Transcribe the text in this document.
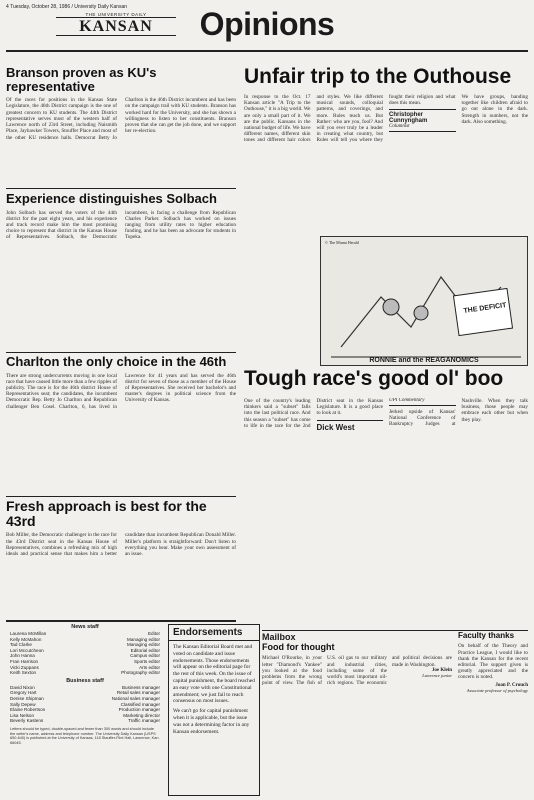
4 Tuesday, October 28, 1986 / University Daily Kansan
THE UNIVERSITY DAILY
KANSAN	Opinions
Branson proven as KU's representative

Of the races for positions in the Kansas State Legislature, the 46th District campaign is the one of greatest concern to KU students. The 44th District representative serves most of the western half of Lawrence north of 23rd Street, including Naismith Place, Jayhawker Towers, Stouffer Place and most of the other KU residence halls. Democrat Betty Jo Charlton is the 46th District incumbent and has been on the campaign trail with KU students. Branson has worked hard for the University, and she has shown a willingness to listen to her constituents. Branson proven that she can get the job done, and we support her re-election.

Experience distinguishes Solbach

John Solbach has served the voters of the 44th district for the past eight years, and his experience and track record make him the most promising choice to represent that district in the Kansas House of Representatives. Solbach, the Democratic incumbent, is facing a challenge from Republican Charles Parker. Solbach has worked on issues ranging from utility rates to higher education funding, and he has been an advocate for students in Topeka.

Charlton the only choice in the 46th

There are strong undercurrents moving in one local race that have caused little more than a few ripples of publicity. The race is for the 46th district House of Representatives seat; the candidates, the incumbent Democratic Rep. Betty Jo Charlton and Republican challenger Ben Cosel. Charlton, 6, has lived in Lawrence for 41 years and has served the 46th district for seven of those as a member of the House of Representatives. She received her bachelor's and master's degrees in political science from the University of Kansas.

Fresh approach is best for the 43rd

Bob Miller, the Democratic challenger in the race for the 43rd District seat in the Kansas House of Representatives, combines a refreshing mix of high ideals and practical sense that makes him a better candidate than incumbent Republican Donald Miller. Miller's platform is straightforward: Don't listen to everything you hear. Make your own assessment of an issue.

News staff
Laurena McMillan	Editor
Kelly McMahon	Managing editor
Tad Clarke	Managing editor
Lori Mccutcheon	Editorial editor
John Hanna	Campus editor
Fran Harrison	Sports editor
Vicki Zuppans	Arts editor
Keith Sexton	Photography editor
Business staff
David Nixon	Business manager
Gregory Hart	Retail sales manager
Denise Shipman	National sales manager
Sally Depew	Classified manager
Elaine Robertson	Production manager
Lisa Nelson	Marketing director
Beverly Kastens	Traffic manager

Letters should be typed, double-spaced and fewer than 300 words and should include the writer's name, address and telephone number. The University Daily Kansan (USPS 650-640) is published at the University of Kansas, 118 Stauffer-Flint Hall, Lawrence, Kan. 66045.

Endorsements

The Kansan Editorial Board met and voted on candidate and issue endorsements. Those endorsements will appear on the editorial page for the rest of this week. On the issue of capital punishment, the board reached an easy vote with one Constitutional amendment; we just fail to reach consensus on most issues.

We can't go for capital punishment when it is applicable, but the issue was not a determining factor in any Kansan endorsement.

Unfair trip to the Outhouse

In response to the Oct. 17 Kansan article "A Trip to the Outhouse," it is a big world. We are only a small part of it. We are the public. Kansans in the national budget of life. We have different names, different skin tones and different hair colors and styles. We like different musical sounds, colloquial patterns, and coverings, and more. Rules teach us. But Rather: who are you, fool? And will you ever truly be a leader in creating what country, but Rules will tell you where they fought their religion and what does this mean.

Christopher Cunnyngham
Columnist

We have groups, banding together like children afraid to go out alone in the dark. Strength in numbers, not the dark. Also something.

THE DEFICIT
© The Miami Herald
RONNIE and the REAGANOMICS
Tough race's good ol' boo

One of the country's leading thinkers said a "subset" falls into the last political race. And this season a "subset" has come to life in the race for the 2nd District seat in the Kansas Legislature. It is a good place to look at it.

Dick West
UPI Commentary

Jerked upside of Kansas' National Conference of Bankruptcy Judges at Nashville. When they talk business, those people may embrace each other but when they play.

Mailbox
Food for thought

Michael O'Rourke, in your letter "Diamond's Yankee" you looked at the food problems from the wrong point of view. The fish of U.S. oil gas to our military and industrial cities, including some of the world's most important oil-rich regions. The economic and political decisions are made in Washington.

Joe Klein
Lawrence junior
Faculty thanks

On behalf of the Theory and Practice League, I would like to thank the Kansan for the recent editorial. The support given is greatly appreciated and the concern is noted.

Joan P. Crouch
Associate professor of psychology
